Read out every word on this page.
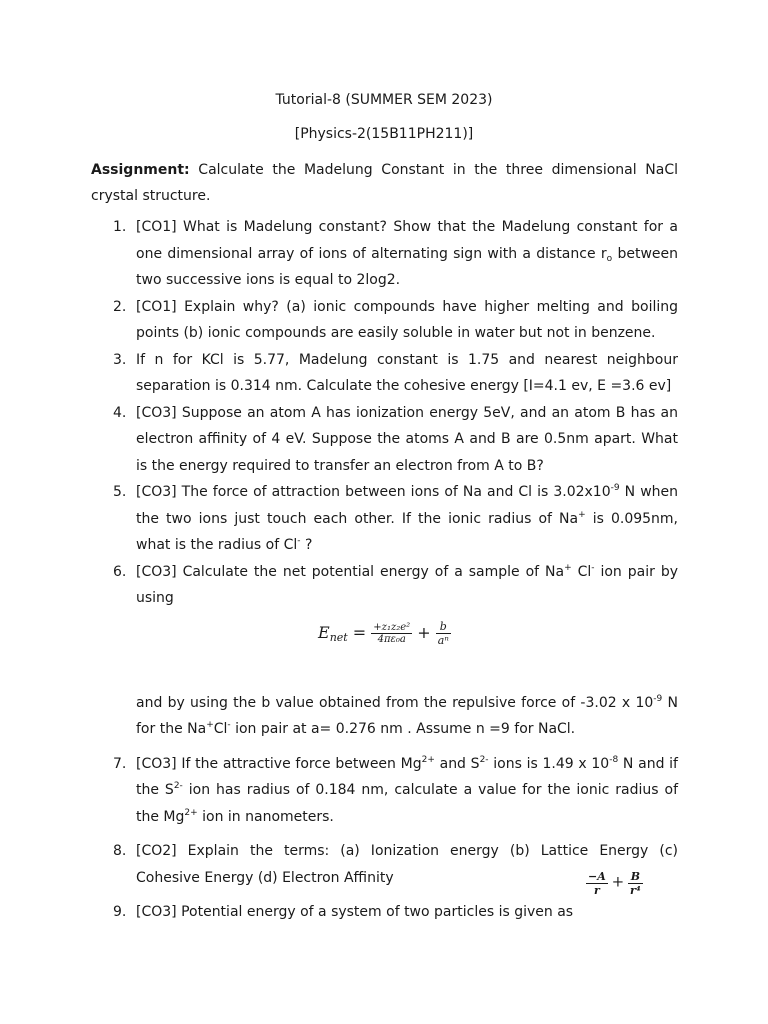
Tutorial-8 (SUMMER SEM 2023)
[Physics-2(15B11PH211)]
Assignment: Calculate the Madelung Constant in the three dimensional NaCl crystal structure.
1. [CO1] What is Madelung constant? Show that the Madelung constant for a one dimensional array of ions of alternating sign with a distance $r_o$ between two successive ions is equal to 2log2.
2. [CO1] Explain why? (a) ionic compounds have higher melting and boiling points (b) ionic compounds are easily soluble in water but not in benzene.
3. If n for KCl is 5.77, Madelung constant is 1.75 and nearest neighbour separation is 0.314 nm. Calculate the cohesive energy [I=4.1 ev, E =3.6 ev]
4. [CO3] Suppose an atom A has ionization energy 5eV, and an atom B has an electron affinity of 4 eV. Suppose the atoms A and B are 0.5nm apart. What is the energy required to transfer an electron from A to B?
5. [CO3] The force of attraction between ions of Na and Cl is $3.02x10^{-9}$ N when the two ions just touch each other. If the ionic radius of Na+ is 0.095nm, what is the radius of Cl- ?
6. [CO3] Calculate the net potential energy of a sample of Na+ Cl- ion pair by using
and by using the b value obtained from the repulsive force of -3.02 x $10^{-9}$ N for the Na+Cl- ion pair at a= 0.276 nm . Assume n =9 for NaCl.
7. [CO3] If the attractive force between $Mg^{2+}$ and $S^{2-}$ ions is 1.49 x $10^{-8}$ N and if the $S^{2-}$ ion has radius of 0.184 nm, calculate a value for the ionic radius of the $Mg^{2+}$ ion in nanometers.
8. [CO2] Explain the terms: (a) Ionization energy (b) Lattice Energy (c) Cohesive Energy (d) Electron Affinity
9. [CO3] Potential energy of a system of two particles is given as
$E_{net} = \frac{\text{+z₁z₂e²}}{\text{4πε₀a}} + \frac{b}{\text{aⁿ}}$
$\frac{-A}{r} + \frac{B}{\text{r⁴}}$
